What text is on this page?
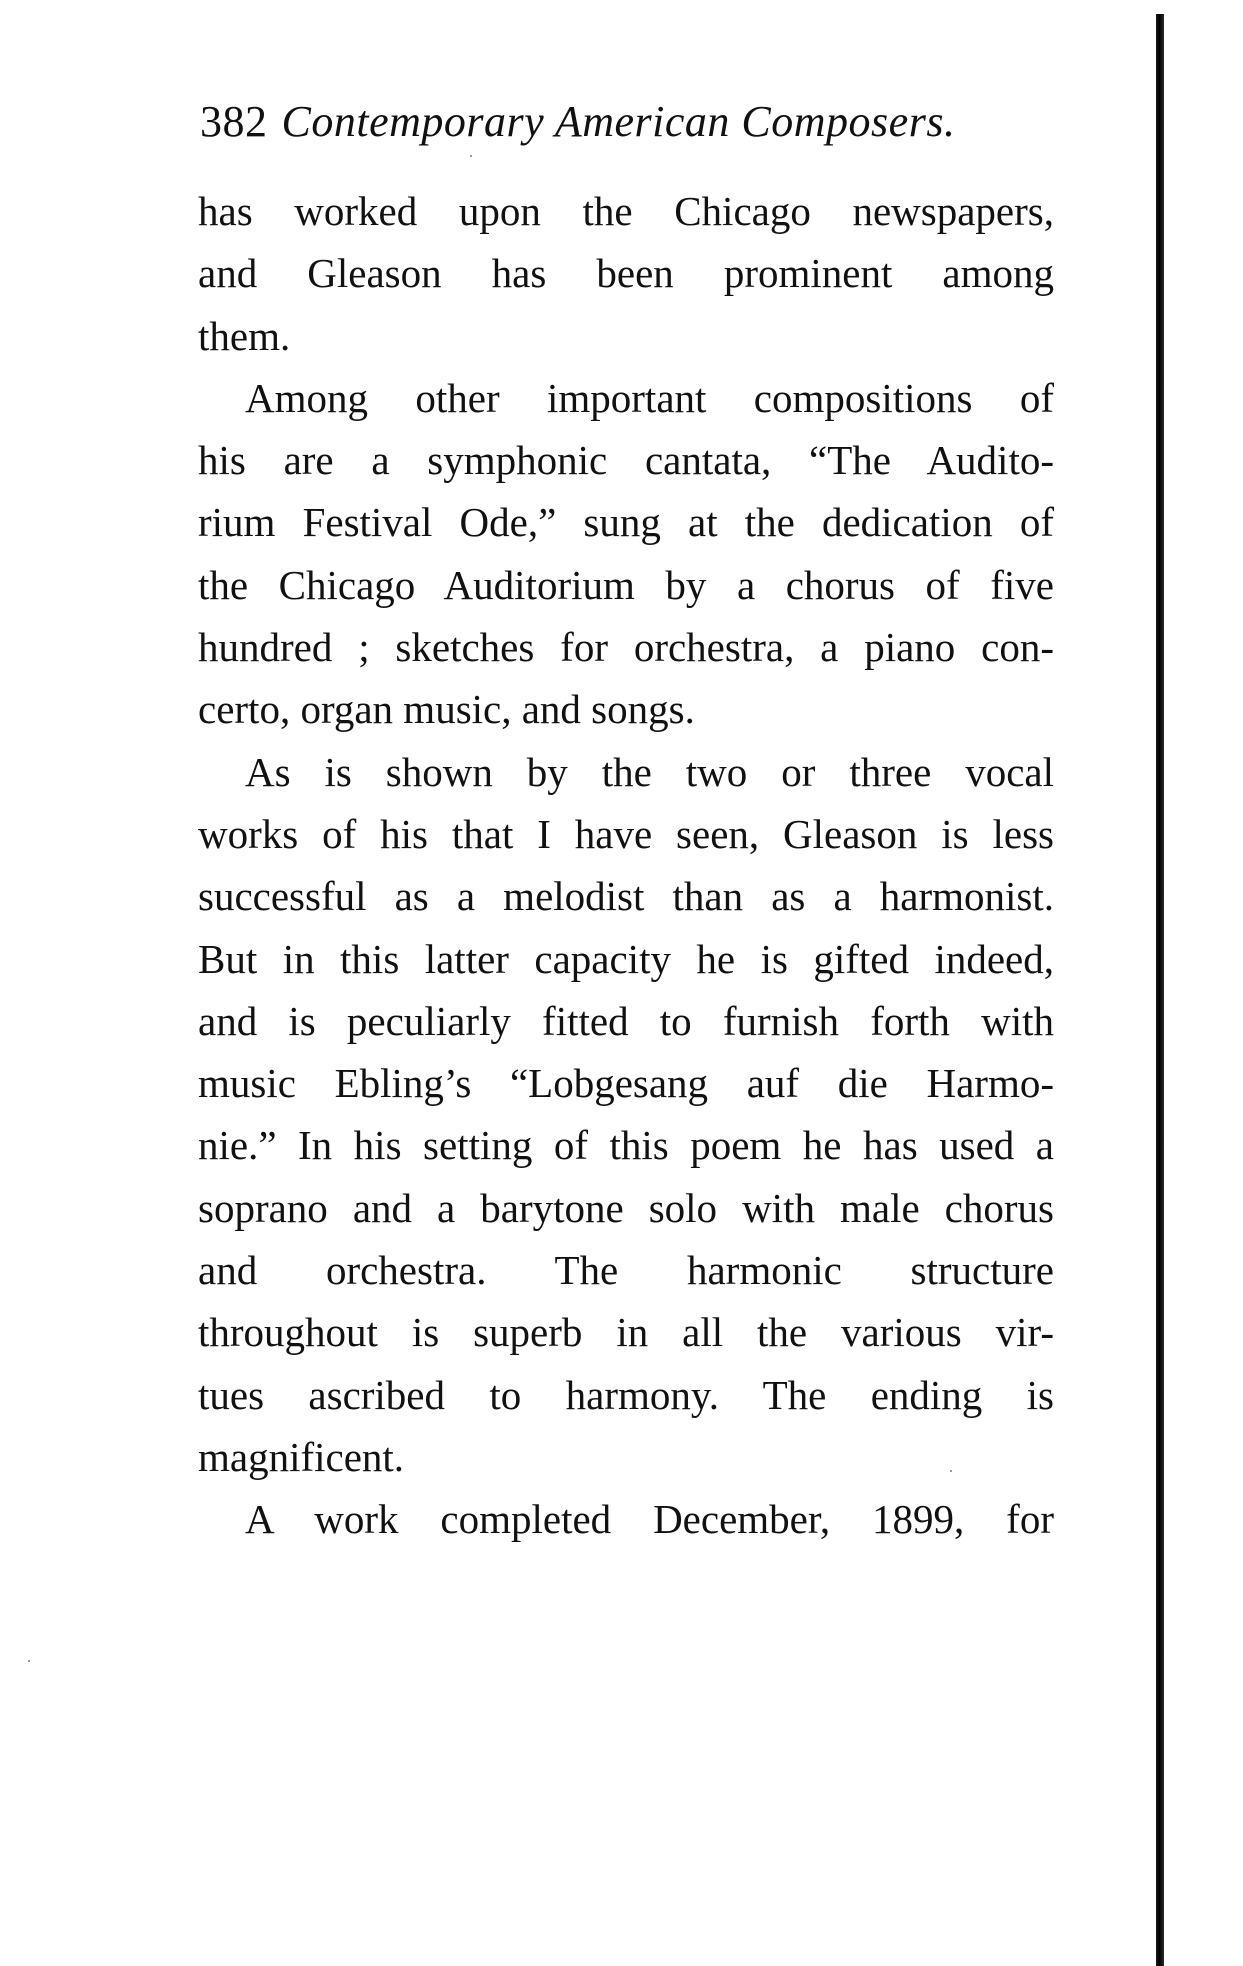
382 Contemporary American Composers.
has worked upon the Chicago newspapers,
and Gleason has been prominent among
them.
Among other important compositions of
his are a symphonic cantata, “The Audito-
rium Festival Ode,” sung at the dedication of
the Chicago Auditorium by a chorus of five
hundred ; sketches for orchestra, a piano con-
certo, organ music, and songs.
As is shown by the two or three vocal
works of his that I have seen, Gleason is less
successful as a melodist than as a harmonist.
But in this latter capacity he is gifted indeed,
and is peculiarly fitted to furnish forth with
music Ebling’s “Lobgesang auf die Harmo-
nie.” In his setting of this poem he has used a
soprano and a barytone solo with male chorus
and orchestra. The harmonic structure
throughout is superb in all the various vir-
tues ascribed to harmony. The ending is
magnificent.
A work completed December, 1899, for
